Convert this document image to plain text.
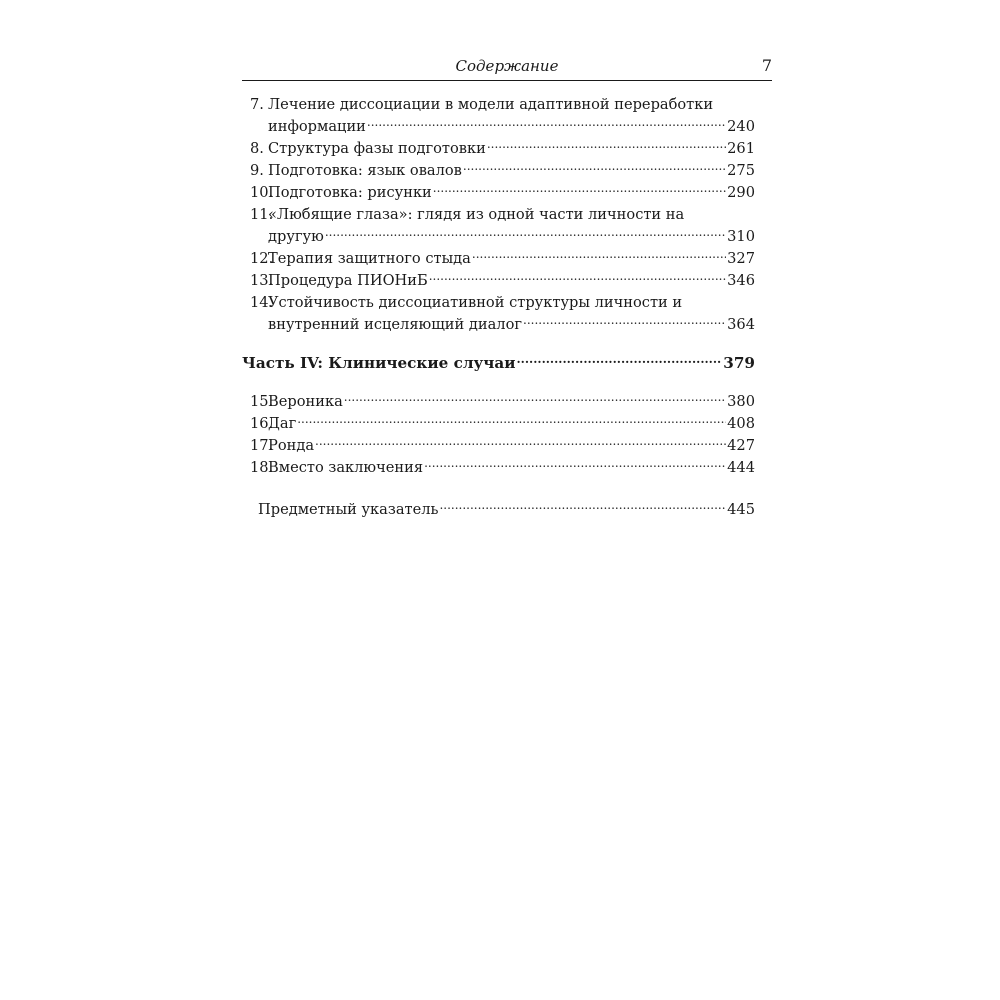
Содержание	7
7. Лечение диссоциации в модели адаптивной переработки
информации .....	240
8. Структура фазы подготовки .....	261
9. Подготовка: язык овалов .....	275
10.
Подготовка: рисунки .....	290
11.
«Любящие глаза»: глядя из одной части личности на
другую .....	310
12.
Терапия защитного стыда .....	327
13.
Процедура ПИОНиБ .....	346
14.
Устойчивость диссоциативной структуры личности и
внутренний исцеляющий диалог .....	364
Часть IV: Клинические случаи .....	379
15.
Вероника .....	380
16.
Даг .....	408
17.
Ронда .....	427
18.
Вместо заключения .....	444
Предметный указатель .....	445
